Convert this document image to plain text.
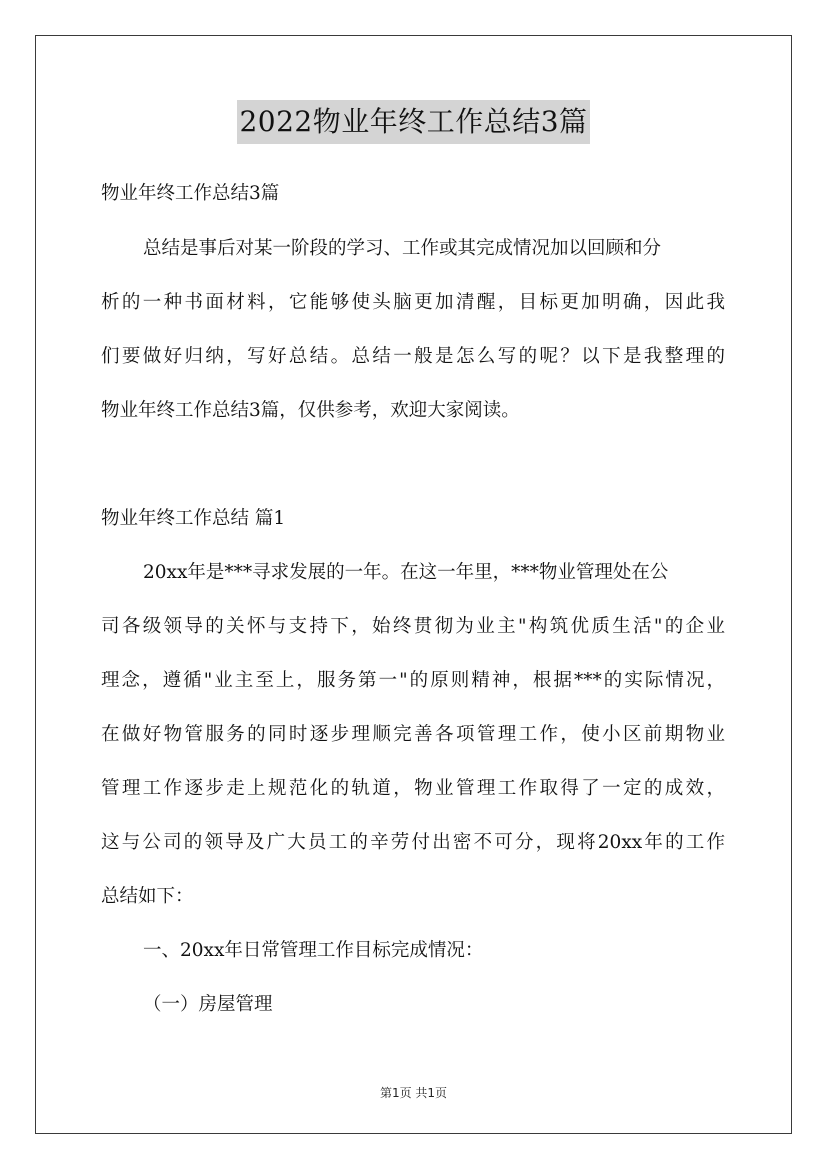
2022物业年终工作总结3篇
物业年终工作总结3篇
总结是事后对某一阶段的学习、工作或其完成情况加以回顾和分
析的一种书面材料，它能够使头脑更加清醒，目标更加明确，因此我
们要做好归纳，写好总结。总结一般是怎么写的呢？以下是我整理的
物业年终工作总结3篇，仅供参考，欢迎大家阅读。
物业年终工作总结 篇1
20xx年是***寻求发展的一年。在这一年里，***物业管理处在公
司各级领导的关怀与支持下，始终贯彻为业主"构筑优质生活"的企业
理念，遵循"业主至上，服务第一"的原则精神，根据***的实际情况，
在做好物管服务的同时逐步理顺完善各项管理工作，使小区前期物业
管理工作逐步走上规范化的轨道，物业管理工作取得了一定的成效，
这与公司的领导及广大员工的辛劳付出密不可分，现将20xx年的工作
总结如下：
一、20xx年日常管理工作目标完成情况：
（一）房屋管理
第1页 共1页
